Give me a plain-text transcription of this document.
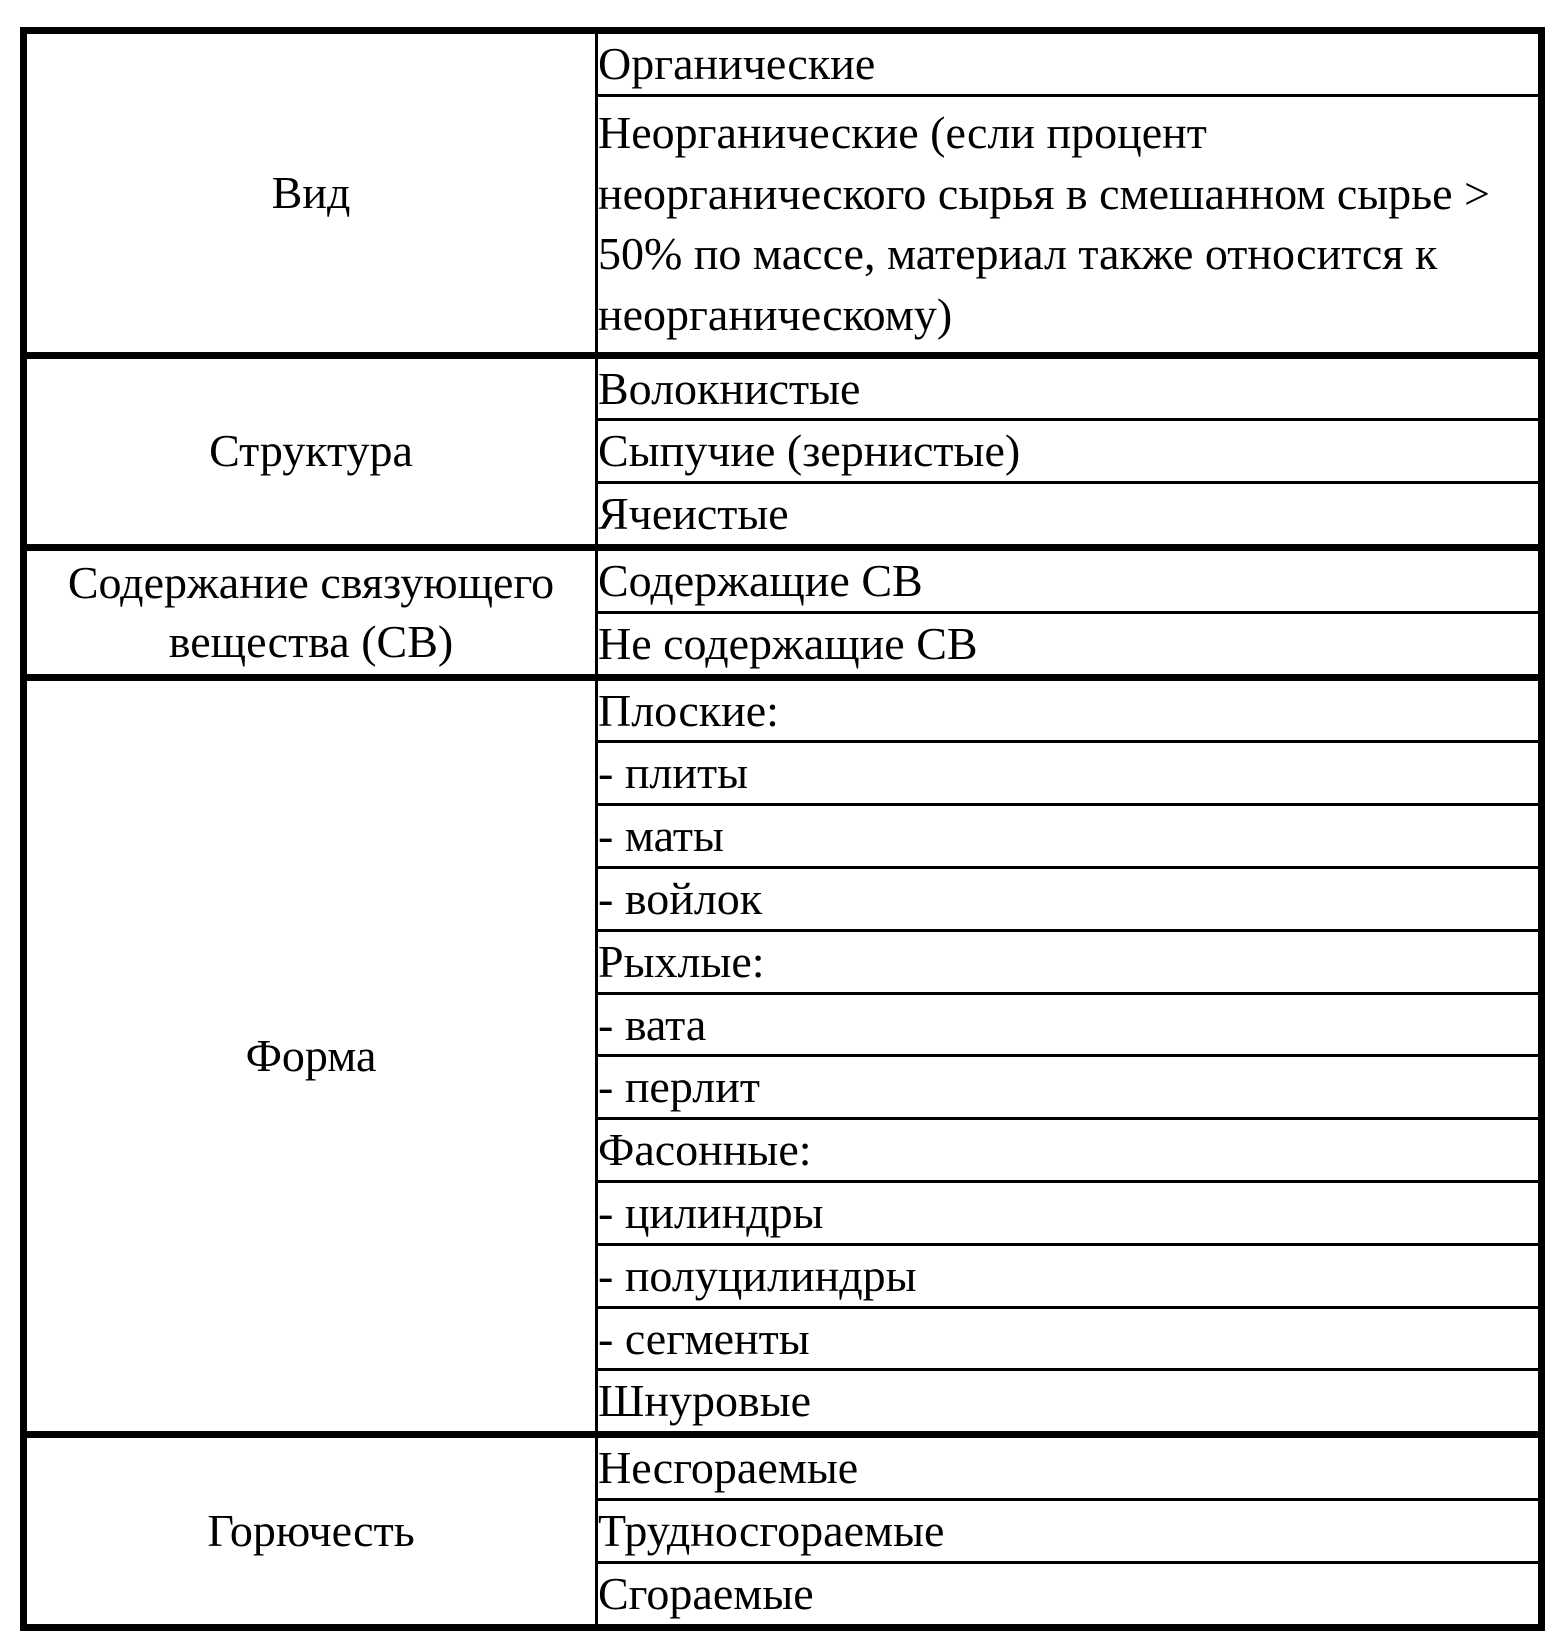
Вид	Органические
	Неорганические (если процент неорганического сырья в смешанном сырье > 50% по массе, материал также относится к неорганическому)

Структура	Волокнистые
	Сыпучие (зернистые)
	Ячеистые

Содержание связующего вещества (СВ)	Содержащие СВ
	Не содержащие СВ

Форма	Плоские:
	- плиты
	- маты
	- войлок
	Рыхлые:
	- вата
	- перлит
	Фасонные:
	- цилиндры
	- полуцилиндры
	- сегменты
	Шнуровые

Горючесть	Несгораемые
	Трудносгораемые
	Сгораемые
